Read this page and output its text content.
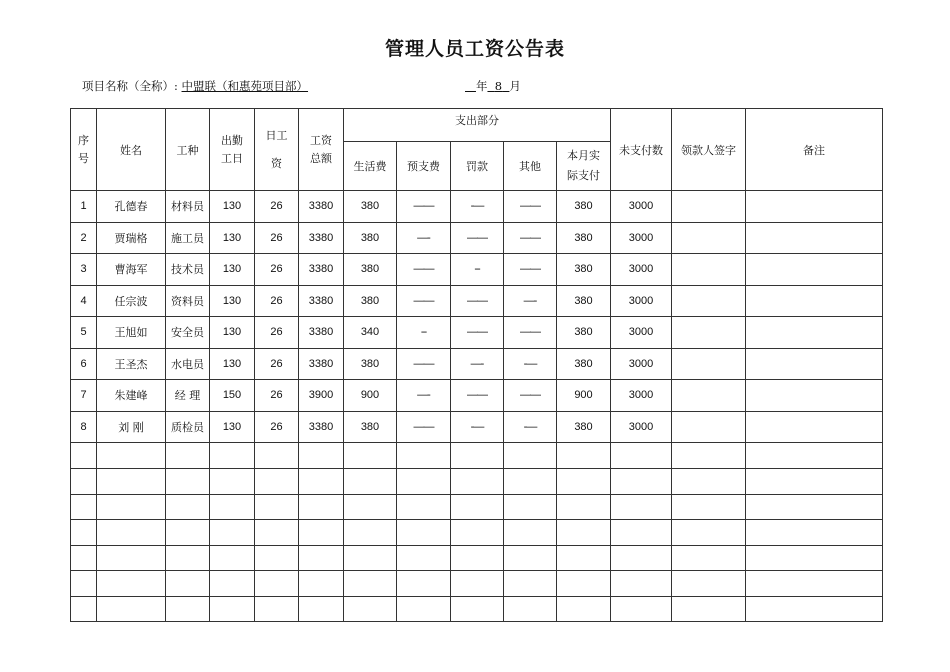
管理人员工资公告表
项目名称（全称）: 中盟联（和惠苑项目部）	年 8 月
序号	姓名	工种	出勤工日	日工资	工资总额	支出部分					未支付数	领款人签字	备注
						生活费	预支费	罚款	其他	本月实际支付			
1	孔德春	材料员	130	26	3380	380	——	-—	——	380	3000		
2	贾瑞格	施工员	130	26	3380	380	—-	——	——	380	3000		
3	曹海军	技术员	130	26	3380	380	——	--	——	380	3000		
4	任宗波	资料员	130	26	3380	380	——	——	—-	380	3000		
5	王旭如	安全员	130	26	3380	340	--	——	——	380	3000		
6	王圣杰	水电员	130	26	3380	380	——	—-	-—	380	3000		
7	朱建峰	经 理	150	26	3900	900	—-	——	——	900	3000		
8	刘 刚	质检员	130	26	3380	380	——	-—	-—	380	3000		
